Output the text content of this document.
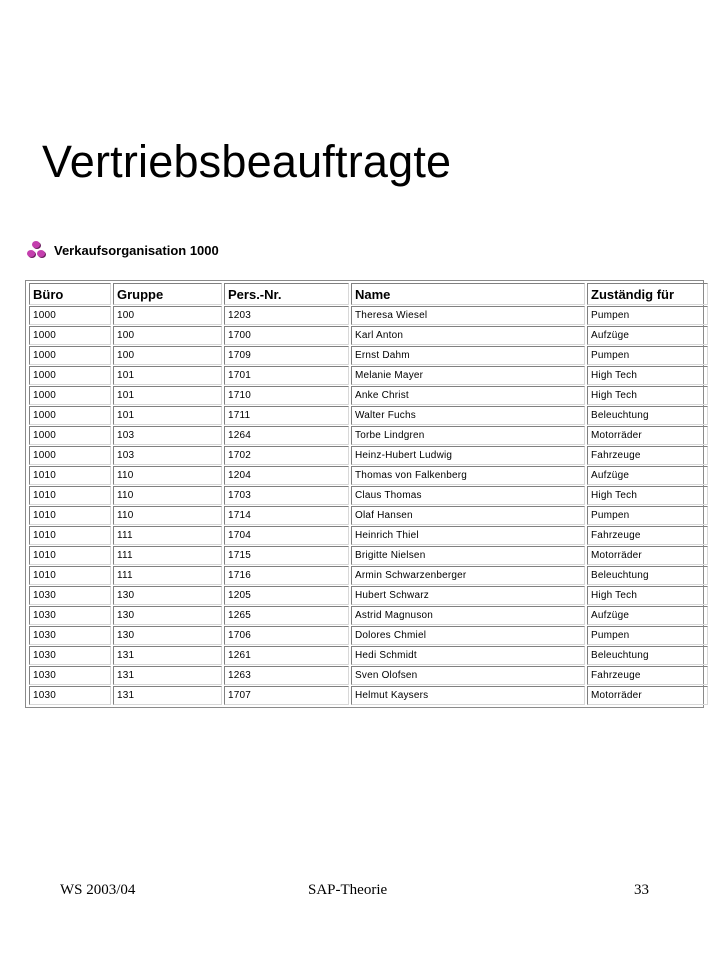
Vertriebsbeauftragte
Verkaufsorganisation 1000
Büro	Gruppe	Pers.-Nr.	Name	Zuständig für
1000	100	1203	Theresa Wiesel	Pumpen
1000	100	1700	Karl Anton	Aufzüge
1000	100	1709	Ernst Dahm	Pumpen
1000	101	1701	Melanie Mayer	High Tech
1000	101	1710	Anke Christ	High Tech
1000	101	1711	Walter Fuchs	Beleuchtung
1000	103	1264	Torbe Lindgren	Motorräder
1000	103	1702	Heinz-Hubert Ludwig	Fahrzeuge
1010	110	1204	Thomas von Falkenberg	Aufzüge
1010	110	1703	Claus Thomas	High Tech
1010	110	1714	Olaf Hansen	Pumpen
1010	111	1704	Heinrich Thiel	Fahrzeuge
1010	111	1715	Brigitte Nielsen	Motorräder
1010	111	1716	Armin Schwarzenberger	Beleuchtung
1030	130	1205	Hubert Schwarz	High Tech
1030	130	1265	Astrid Magnuson	Aufzüge
1030	130	1706	Dolores Chmiel	Pumpen
1030	131	1261	Hedi Schmidt	Beleuchtung
1030	131	1263	Sven Olofsen	Fahrzeuge
1030	131	1707	Helmut Kaysers	Motorräder
WS 2003/04	SAP-Theorie	33
